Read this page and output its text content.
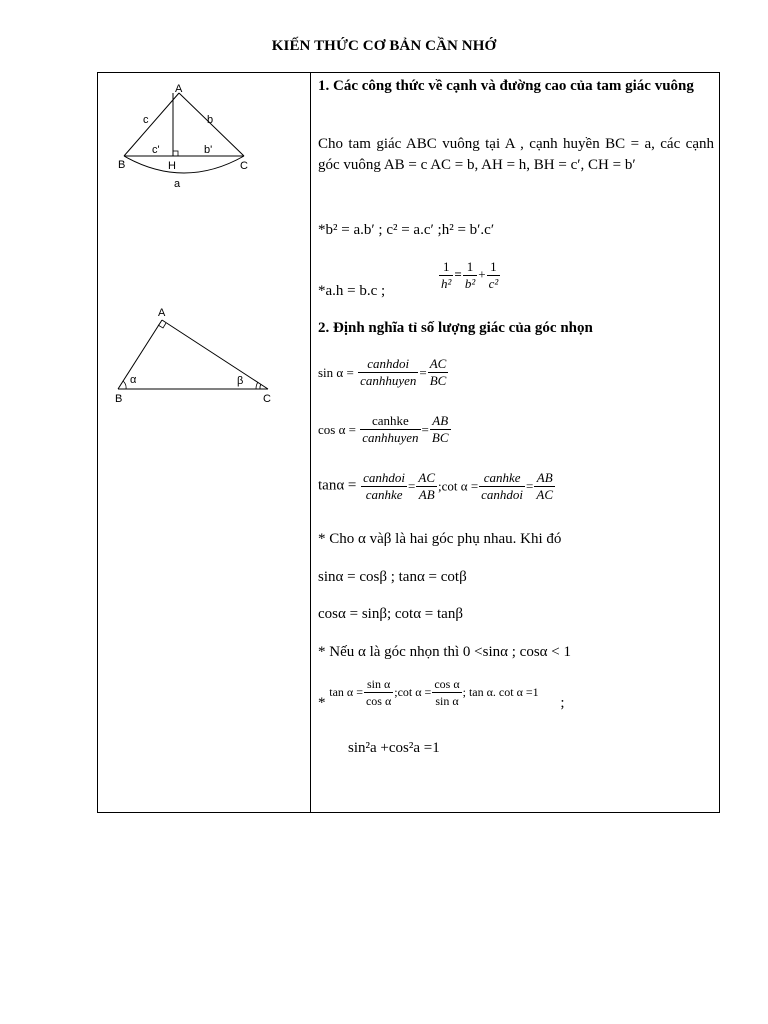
KIẾN THỨC CƠ BẢN CẦN NHỚ
A
c	b
c'	b'
B	H	C
a
A
α	β
B	C
1. Các công thức về cạnh và đường cao của tam giác vuông
Cho tam giác ABC vuông tại A , cạnh huyền BC = a, các cạnh góc vuông AB = c AC = b, AH = h, BH = c′, CH = b′
*b² = a.b′ ; c² = a.c′ ;h² = b′.c′
*a.h = b.c ;	$\frac{1}{\text{h²}} = \frac{1}{\text{b²}} + \frac{1}{\text{c²}}$
2. Định nghĩa tỉ số lượng giác của góc nhọn
$\sin \alpha = \frac{\text{canhdoi}}{\text{canhhuyen}} = \frac{AC}{BC}$
$\cos \alpha = \frac{\text{canhke}}{\text{canhhuyen}} = \frac{AB}{BC}$
$\tan\alpha = \frac{\text{canhdoi}}{\text{canhke}} = \frac{AC}{AB}$ ;cot $\alpha = \frac{\text{canhke}}{\text{canhdoi}} = \frac{AB}{AC}$
* Cho α vàβ là hai góc phụ nhau. Khi đó
sinα = cosβ ; tanα = cotβ
cosα = sinβ; cotα = tanβ
* Nếu α là góc nhọn thì 0 <sinα ; cosα < 1
* $\tan \alpha = \frac{\text{sin α}}{\text{cos α}}$ ;cot $\alpha = \frac{\text{cos α}}{\text{sin α}}$ ; tan α. cot α =1 ;
sin²a +cos²a =1
